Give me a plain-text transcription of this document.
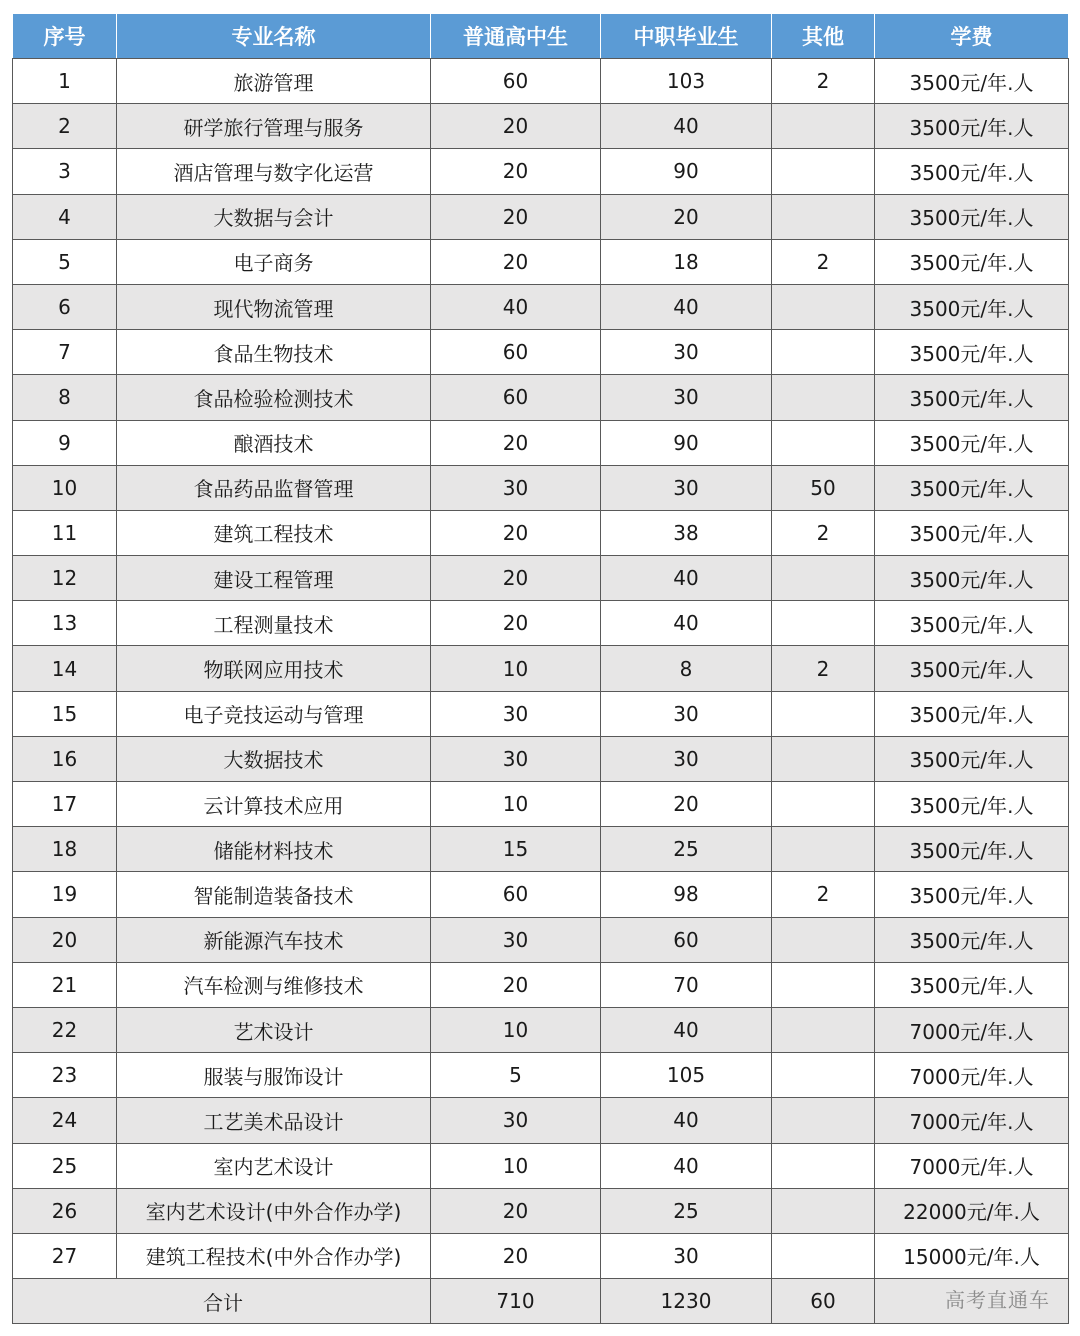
序号	专业名称	普通高中生	中职毕业生	其他	学费
1	旅游管理	60	103	2	3500元/年.人
2	研学旅行管理与服务	20	40		3500元/年.人
3	酒店管理与数字化运营	20	90		3500元/年.人
4	大数据与会计	20	20		3500元/年.人
5	电子商务	20	18	2	3500元/年.人
6	现代物流管理	40	40		3500元/年.人
7	食品生物技术	60	30		3500元/年.人
8	食品检验检测技术	60	30		3500元/年.人
9	酿酒技术	20	90		3500元/年.人
10	食品药品监督管理	30	30	50	3500元/年.人
11	建筑工程技术	20	38	2	3500元/年.人
12	建设工程管理	20	40		3500元/年.人
13	工程测量技术	20	40		3500元/年.人
14	物联网应用技术	10	8	2	3500元/年.人
15	电子竞技运动与管理	30	30		3500元/年.人
16	大数据技术	30	30		3500元/年.人
17	云计算技术应用	10	20		3500元/年.人
18	储能材料技术	15	25		3500元/年.人
19	智能制造装备技术	60	98	2	3500元/年.人
20	新能源汽车技术	30	60		3500元/年.人
21	汽车检测与维修技术	20	70		3500元/年.人
22	艺术设计	10	40		7000元/年.人
23	服装与服饰设计	5	105		7000元/年.人
24	工艺美术品设计	30	40		7000元/年.人
25	室内艺术设计	10	40		7000元/年.人
26	室内艺术设计(中外合作办学)	20	25		22000元/年.人
27	建筑工程技术(中外合作办学)	20	30		15000元/年.人
合计		710	1230	60		高考直通车
